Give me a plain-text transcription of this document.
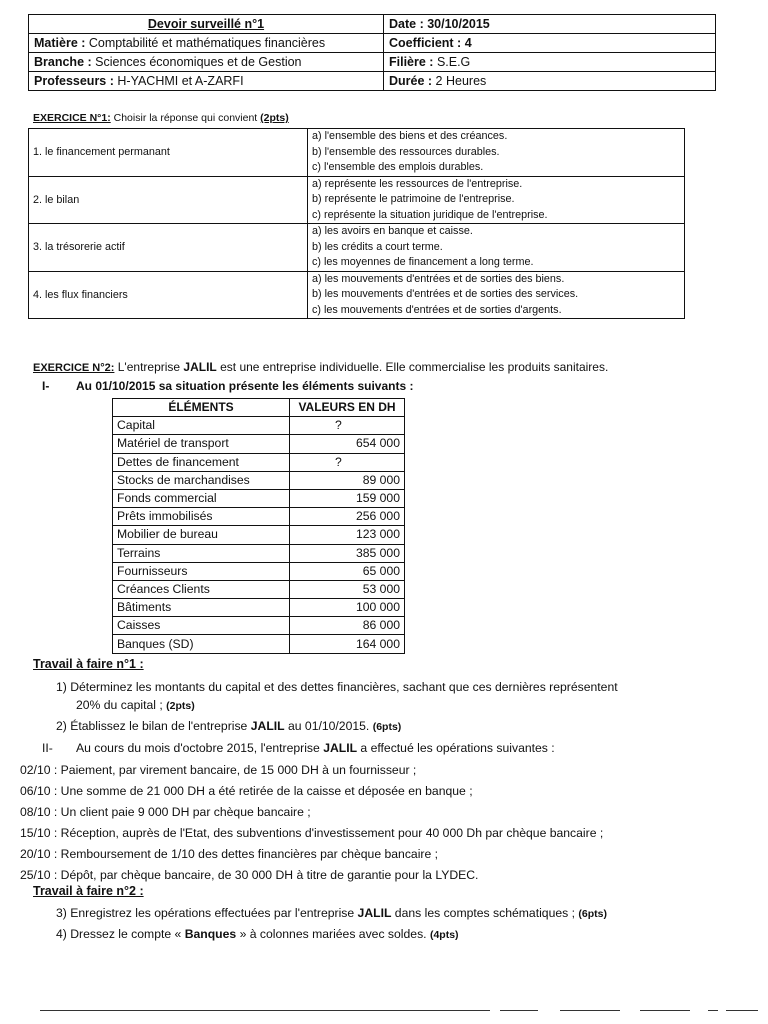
Devoir surveillé n°1	Date : 30/10/2015
Matière : Comptabilité et mathématiques financières	Coefficient : 4
Branche : Sciences économiques et de Gestion	Filière : S.E.G
Professeurs : H-YACHMI et A-ZARFI	Durée : 2 Heures
EXERCICE N°1: Choisir la réponse qui convient (2pts)
1. le financement permanant	a) l'ensemble des biens et des créances.
b) l'ensemble des ressources durables.
c) l'ensemble des emplois durables.

2. le bilan	a) représente les ressources de l'entreprise.
b) représente le patrimoine de l'entreprise.
c) représente la situation juridique de l'entreprise.

3. la trésorerie actif	a) les avoirs en banque et caisse.
b) les crédits a court terme.
c) les moyennes de financement a long terme.

4. les flux financiers	a) les mouvements d'entrées et de sorties des biens.
b) les mouvements d'entrées et de sorties des services.
c) les mouvements d'entrées et de sorties d'argents.
EXERCICE N°2: L'entreprise JALIL est une entreprise individuelle. Elle commercialise les produits sanitaires.
I- Au 01/10/2015 sa situation présente les éléments suivants :
ÉLÉMENTS	VALEURS EN DH
Capital	?
Matériel de transport	654 000
Dettes de financement	?
Stocks de marchandises	89 000
Fonds commercial	159 000
Prêts immobilisés	256 000
Mobilier de bureau	123 000
Terrains	385 000
Fournisseurs	65 000
Créances Clients	53 000
Bâtiments	100 000
Caisses	86 000
Banques (SD)	164 000
Travail à faire n°1 :
1) Déterminez les montants du capital et des dettes financières, sachant que ces dernières représentent
20% du capital ; (2pts)
2) Établissez le bilan de l'entreprise JALIL au 01/10/2015. (6pts)
II- Au cours du mois d'octobre 2015, l'entreprise JALIL a effectué les opérations suivantes :
02/10 : Paiement, par virement bancaire, de 15 000 DH à un fournisseur ;
06/10 : Une somme de 21 000 DH a été retirée de la caisse et déposée en banque ;
08/10 : Un client paie 9 000 DH par chèque bancaire ;
15/10 : Réception, auprès de l'Etat, des subventions d'investissement pour 40 000 Dh par chèque bancaire ;
20/10 : Remboursement de 1/10 des dettes financières par chèque bancaire ;
25/10 : Dépôt, par chèque bancaire, de 30 000 DH à titre de garantie pour la LYDEC.
Travail à faire n°2 :
3) Enregistrez les opérations effectuées par l'entreprise JALIL dans les comptes schématiques ; (6pts)
4) Dressez le compte « Banques » à colonnes mariées avec soldes. (4pts)
